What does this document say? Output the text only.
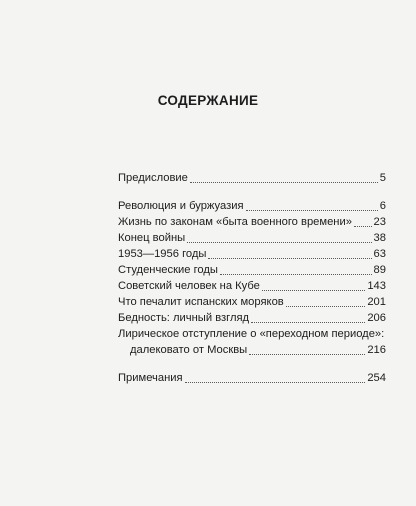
СОДЕРЖАНИЕ
Предисловие	5
Революция и буржуазия	6
Жизнь по законам «быта военного времени» 23
Конец войны	38
1953—1956 годы	63
Студенческие годы	89
Советский человек на Кубе	143
Что печалит испанских моряков	201
Бедность: личный взгляд	206
Лирическое отступление о «переходном периоде»:
далековато от Москвы	216
Примечания	254
